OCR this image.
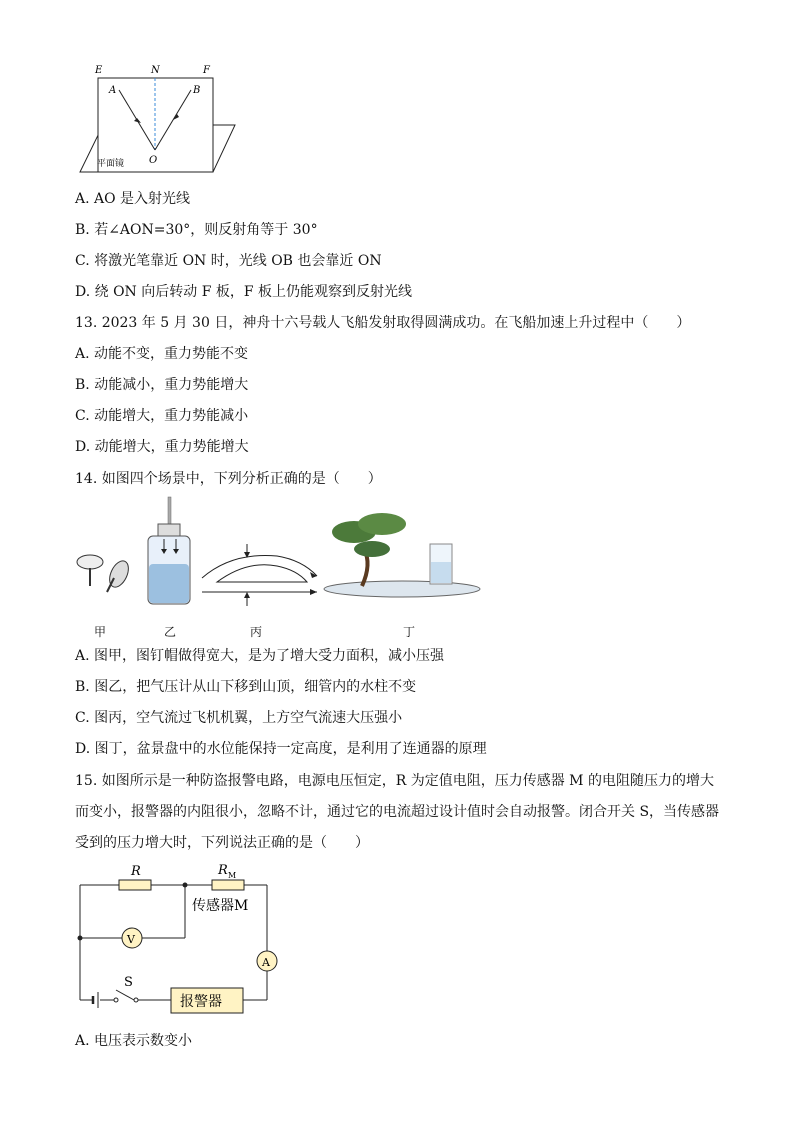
E	N	F
A	B
O
平面镜
A. AO 是入射光线
B. 若∠AON=30°，则反射角等于 30°
C. 将激光笔靠近 ON 时，光线 OB 也会靠近 ON
D. 绕 ON 向后转动 F 板，F 板上仍能观察到反射光线
13. 2023 年 5 月 30 日，神舟十六号载人飞船发射取得圆满成功。在飞船加速上升过程中（　　）
A. 动能不变，重力势能不变
B. 动能减小，重力势能增大
C. 动能增大，重力势能减小
D. 动能增大，重力势能增大
14. 如图四个场景中，下列分析正确的是（　　）
甲	乙	丙	丁
A. 图甲，图钉帽做得宽大，是为了增大受力面积，减小压强
B. 图乙，把气压计从山下移到山顶，细管内的水柱不变
C. 图丙，空气流过飞机机翼，上方空气流速大压强小
D. 图丁，盆景盘中的水位能保持一定高度，是利用了连通器的原理
15. 如图所示是一种防盗报警电路，电源电压恒定，R 为定值电阻，压力传感器 M 的电阻随压力的增大
而变小，报警器的内阻很小，忽略不计，通过它的电流超过设计值时会自动报警。闭合开关 S，当传感器
受到的压力增大时，下列说法正确的是（　　）
R	R M
传感器M
V
A
S
报警器
A. 电压表示数变小
